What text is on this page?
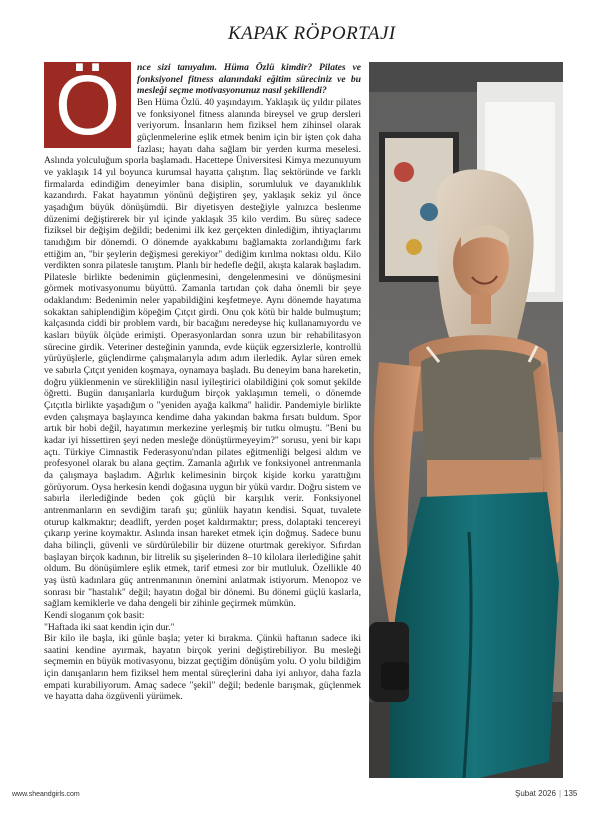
KAPAK RÖPORTAJI

nce sizi tanıyalım. Hüma Özlü kimdir? Pilates ve fonksiyonel fitness alanındaki eğitim süreciniz ve bu mesleği seçme motivasyonunuz nasıl şekillendi?

Ben Hüma Özlü. 40 yaşındayım. Yaklaşık üç yıldır pilates ve fonksiyonel fitness alanında bireysel ve grup dersleri veriyorum. İnsanların hem fiziksel hem zihinsel olarak güçlenmelerine eşlik etmek benim için bir işten çok daha fazlası; hayatı daha sağlam bir yerden kurma meselesi. Aslında yolculuğum sporla başlamadı. Hacettepe Üniversitesi Kimya mezunuyum ve yaklaşık 14 yıl boyunca kurumsal hayatta çalıştım. İlaç sektöründe ve farklı firmalarda edindiğim deneyimler bana disiplin, sorumluluk ve dayanıklılık kazandırdı. Fakat hayatımın yönünü değiştiren şey, yaklaşık sekiz yıl önce yaşadığım büyük dönüşümdü. Bir diyetisyen desteğiyle yalnızca beslenme düzenimi değiştirerek bir yıl içinde yaklaşık 35 kilo verdim. Bu süreç sadece fiziksel bir değişim değildi; bedenimi ilk kez gerçekten dinlediğim, ihtiyaçlarımı tanıdığım bir dönemdi. O dönemde ayakkabımı bağlamakta zorlandığımı fark ettiğim an, "bir şeylerin değişmesi gerekiyor" dediğim kırılma noktası oldu. Kilo verdikten sonra pilatesle tanıştım. Planlı bir hedefle değil, akışta kalarak başladım. Pilatesle birlikte bedenimin güçlenmesini, dengelenmesini ve dönüşmesini görmek motivasyonumu büyüttü. Zamanla tartıdan çok daha önemli bir şeye odaklandım: Bedenimin neler yapabildiğini keşfetmeye. Aynı dönemde hayatıma sokaktan sahiplendiğim köpeğim Çıtçıt girdi. Onu çok kötü bir halde bulmuştum; kalçasında ciddi bir problem vardı, bir bacağını neredeyse hiç kullanamıyordu ve kasları büyük ölçüde erimişti. Operasyonlardan sonra uzun bir rehabilitasyon sürecine girdik. Veteriner desteğinin yanında, evde küçük egzersizlerle, kontrollü yürüyüşlerle, güçlendirme çalışmalarıyla adım adım ilerledik. Aylar süren emek ve sabırla Çıtçıt yeniden koşmaya, oynamaya başladı. Bu deneyim bana hareketin, doğru yüklenmenin ve sürekliliğin nasıl iyileştirici olabildiğini çok somut şekilde öğretti. Bugün danışanlarla kurduğum birçok yaklaşımın temeli, o dönemde Çıtçıtla birlikte yaşadığım o "yeniden ayağa kalkma" halidir. Pandemiyle birlikte evden çalışmaya başlayınca kendime daha yakından bakma fırsatı buldum. Spor artık bir hobi değil, hayatımın merkezine yerleşmiş bir tutku olmuştu. "Beni bu kadar iyi hissettiren şeyi neden mesleğe dönüştürmeyeyim?" sorusu, yeni bir kapı açtı. Türkiye Cimnastik Federasyonu'ndan pilates eğitmenliği belgesi aldım ve profesyonel olarak bu alana geçtim. Zamanla ağırlık ve fonksiyonel antrenmanla da çalışmaya başladım. Ağırlık kelimesinin birçok kişide korku yarattığını görüyorum. Oysa herkesin kendi doğasına uygun bir yükü vardır. Doğru sistem ve sabırla ilerlediğinde beden çok güçlü bir karşılık verir. Fonksiyonel antrenmanların en sevdiğim tarafı şu; günlük hayatın kendisi. Squat, tuvalete oturup kalkmaktır; deadlift, yerden poşet kaldırmaktır; press, dolaptaki tencereyi çıkarıp yerine koymaktır. Aslında insan hareket etmek için doğmuş. Sadece bunu daha bilinçli, güvenli ve sürdürülebilir bir düzene oturtmak gerekiyor. Sıfırdan başlayan birçok kadının, bir litrelik su şişelerinden 8–10 kilolara ilerlediğine şahit oldum. Bu dönüşümlere eşlik etmek, tarif etmesi zor bir mutluluk. Özellikle 40 yaş üstü kadınlara güç antrenmanının önemini anlatmak istiyorum. Menopoz ve sonrası bir "hastalık" değil; hayatın doğal bir dönemi. Bu dönemi güçlü kaslarla, sağlam kemiklerle ve daha dengeli bir zihinle geçirmek mümkün.

Kendi sloganım çok basit:

"Haftada iki saat kendin için dur."

Bir kilo ile başla, iki günle başla; yeter ki bırakma. Çünkü haftanın sadece iki saatini kendine ayırmak, hayatın birçok yerini değiştirebiliyor. Bu mesleği seçmemin en büyük motivasyonu, bizzat geçtiğim dönüşüm yolu. O yolu bildiğim için danışanların hem fiziksel hem mental süreçlerini daha iyi anlıyor, daha fazla empati kurabiliyorum. Amaç sadece "şekil" değil; bedenle barışmak, güçlenmek ve hayatta daha özgüvenli yürümek.

Ö
www.sheandgirls.com	Şubat 2026 | 135
